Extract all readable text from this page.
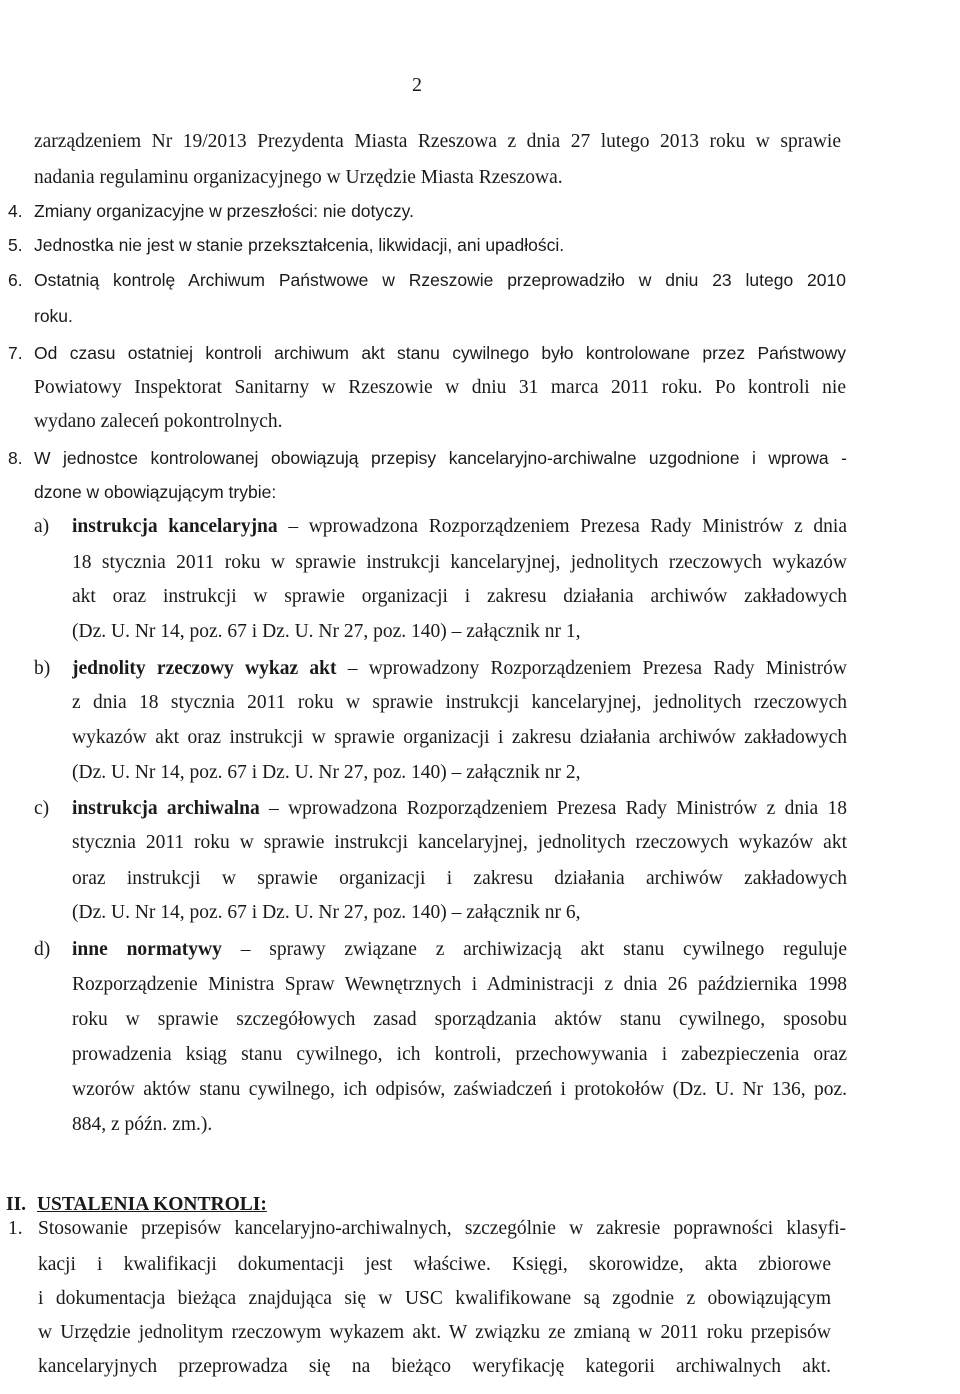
2
zarządzeniem Nr 19/2013 Prezydenta Miasta Rzeszowa z dnia 27 lutego 2013 roku w sprawie
nadania regulaminu organizacyjnego w Urzędzie Miasta Rzeszowa.
4. Zmiany organizacyjne w przeszłości: nie dotyczy.
5. Jednostka nie jest w stanie przekształcenia, likwidacji, ani upadłości.
6. Ostatnią kontrolę Archiwum Państwowe w Rzeszowie przeprowadziło w dniu 23 lutego 2010
roku.
7. Od czasu ostatniej kontroli archiwum akt stanu cywilnego było kontrolowane przez Państwowy
Powiatowy Inspektorat Sanitarny w Rzeszowie w dniu 31 marca 2011 roku. Po kontroli nie
wydano zaleceń pokontrolnych.
8. W jednostce kontrolowanej obowiązują przepisy kancelaryjno-archiwalne uzgodnione i wprowa -
dzone w obowiązującym trybie:
a) instrukcja kancelaryjna – wprowadzona Rozporządzeniem Prezesa Rady Ministrów z dnia
18 stycznia 2011 roku w sprawie instrukcji kancelaryjnej, jednolitych rzeczowych wykazów
akt oraz instrukcji w sprawie organizacji i zakresu działania archiwów zakładowych
(Dz. U. Nr 14, poz. 67 i Dz. U. Nr 27, poz. 140) – załącznik nr 1,
b) jednolity rzeczowy wykaz akt – wprowadzony Rozporządzeniem Prezesa Rady Ministrów
z dnia 18 stycznia 2011 roku w sprawie instrukcji kancelaryjnej, jednolitych rzeczowych
wykazów akt oraz instrukcji w sprawie organizacji i zakresu działania archiwów zakładowych
(Dz. U. Nr 14, poz. 67 i Dz. U. Nr 27, poz. 140) – załącznik nr 2,
c) instrukcja archiwalna – wprowadzona Rozporządzeniem Prezesa Rady Ministrów z dnia 18
stycznia 2011 roku w sprawie instrukcji kancelaryjnej, jednolitych rzeczowych wykazów akt
oraz instrukcji w sprawie organizacji i zakresu działania archiwów zakładowych
(Dz. U. Nr 14, poz. 67 i Dz. U. Nr 27, poz. 140) – załącznik nr 6,
d) inne normatywy – sprawy związane z archiwizacją akt stanu cywilnego reguluje
Rozporządzenie Ministra Spraw Wewnętrznych i Administracji z dnia 26 października 1998
roku w sprawie szczegółowych zasad sporządzania aktów stanu cywilnego, sposobu
prowadzenia ksiąg stanu cywilnego, ich kontroli, przechowywania i zabezpieczenia oraz
wzorów aktów stanu cywilnego, ich odpisów, zaświadczeń i protokołów (Dz. U. Nr 136, poz.
884, z późn. zm.).
1. Stosowanie przepisów kancelaryjno-archiwalnych, szczególnie w zakresie poprawności klasyfi-
kacji i kwalifikacji dokumentacji jest właściwe. Księgi, skorowidze, akta zbiorowe
i dokumentacja bieżąca znajdująca się w USC kwalifikowane są zgodnie z obowiązującym
w Urzędzie jednolitym rzeczowym wykazem akt. W związku ze zmianą w 2011 roku przepisów
kancelaryjnych przeprowadza się na bieżąco weryfikację kategorii archiwalnych akt.
II. USTALENIA KONTROLI:
